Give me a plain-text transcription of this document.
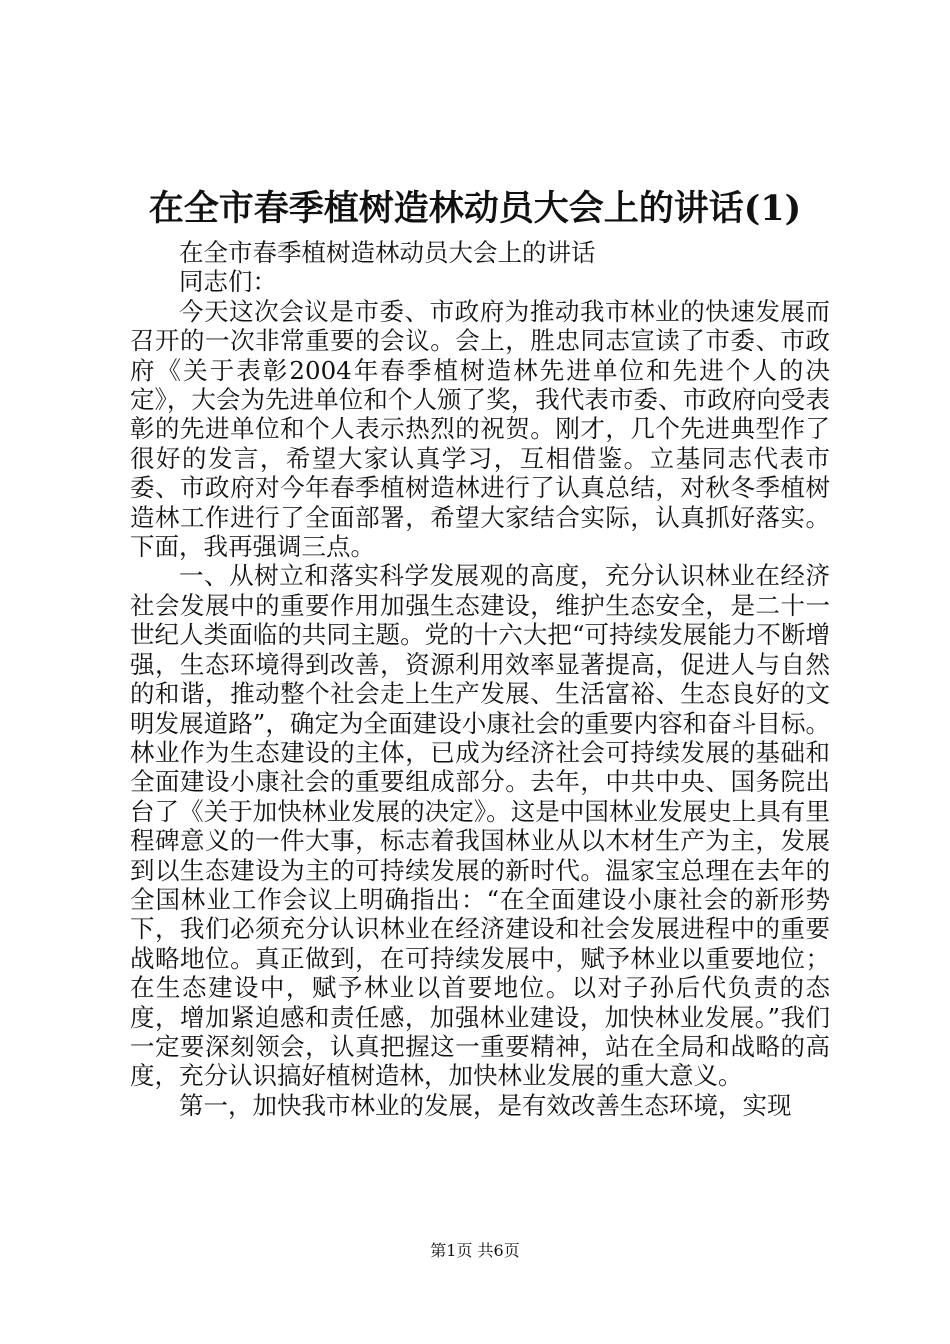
在全市春季植树造林动员大会上的讲话(1)

在全市春季植树造林动员大会上的讲话

同志们：

今天这次会议是市委、市政府为推动我市林业的快速发展而召开的一次非常重要的会议。会上，胜忠同志宣读了市委、市政府《关于表彰2004年春季植树造林先进单位和先进个人的决定》，大会为先进单位和个人颁了奖，我代表市委、市政府向受表彰的先进单位和个人表示热烈的祝贺。刚才，几个先进典型作了很好的发言，希望大家认真学习，互相借鉴。立基同志代表市委、市政府对今年春季植树造林进行了认真总结，对秋冬季植树造林工作进行了全面部署，希望大家结合实际，认真抓好落实。下面，我再强调三点。

一、从树立和落实科学发展观的高度，充分认识林业在经济社会发展中的重要作用加强生态建设，维护生态安全，是二十一世纪人类面临的共同主题。党的十六大把“可持续发展能力不断增强，生态环境得到改善，资源利用效率显著提高，促进人与自然的和谐，推动整个社会走上生产发展、生活富裕、生态良好的文明发展道路”，确定为全面建设小康社会的重要内容和奋斗目标。林业作为生态建设的主体，已成为经济社会可持续发展的基础和全面建设小康社会的重要组成部分。去年，中共中央、国务院出台了《关于加快林业发展的决定》。这是中国林业发展史上具有里程碑意义的一件大事，标志着我国林业从以木材生产为主，发展到以生态建设为主的可持续发展的新时代。温家宝总理在去年的全国林业工作会议上明确指出：“在全面建设小康社会的新形势下，我们必须充分认识林业在经济建设和社会发展进程中的重要战略地位。真正做到，在可持续发展中，赋予林业以重要地位；在生态建设中，赋予林业以首要地位。以对子孙后代负责的态度，增加紧迫感和责任感，加强林业建设，加快林业发展。”我们一定要深刻领会，认真把握这一重要精神，站在全局和战略的高度，充分认识搞好植树造林，加快林业发展的重大意义。

第一，加快我市林业的发展，是有效改善生态环境，实现

第1页 共6页
